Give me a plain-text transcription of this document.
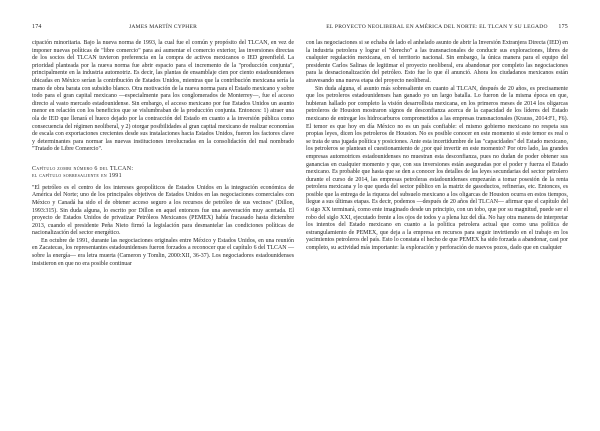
174	JAMES MARTÍN CYPHER

cipación minoritaria. Bajo la nueva norma de 1993, la cual fue el común y propósito del TLCAN, en vez de imponer nuevas políticas de "libre comercio" para así aumentar el comercio exterior, las inversiones directas de los socios del TLCAN tuvieron preferencia en la compra de activos mexicanos o IED greenfield. La prioridad planteada por la nueva norma fue abrir espacio para el incremento de la "producción conjunta", principalmente en la industria automotriz. Es decir, las plantas de ensamblaje cien por ciento estadounidenses ubicadas en México serían la contribución de Estados Unidos, mientras que la contribución mexicana sería la mano de obra barata con subsidio blanco. Otra motivación de la nueva norma para el Estado mexicano y sobre todo para el gran capital mexicano —especialmente para los conglomerados de Monterrey—, fue el acceso directo al vasto mercado estadounidense. Sin embargo, el acceso mexicano por fue Estados Unidos un asunto menor en relación con los beneficios que se vislumbraban de la producción conjunta. Entonces: 1) atraer una ola de IED que llenará el hueco dejado por la contracción del Estado en cuanto a la inversión pública como consecuencia del régimen neoliberal, y 2) otorgar posibilidades al gran capital mexicano de realizar economías de escala con exportaciones crecientes desde sus instalaciones hacia Estados Unidos, fueron los factores clave y determinantes para normar las nuevas instituciones involucradas en la consolidación del mal nombrado "Tratado de Libre Comercio".

Capítulo zombi número 6 del TLCAN:
el capítulo sobresaliente en 1991

"El petróleo es el centro de los intereses geopolíticos de Estados Unidos en la integración económica de América del Norte; uno de los principales objetivos de Estados Unidos en las negociaciones comerciales con México y Canadá ha sido el de obtener acceso seguro a los recursos de petróleo de sus vecinos" (Dillon, 1993:315). Sin duda alguna, lo escrito por Dillon en aquel entonces fue una aseveración muy acertada. El proyecto de Estados Unidos de privatizar Petróleos Mexicanos (PEMEX) había fracasado hasta diciembre 2013, cuando el presidente Peña Nieto firmó la legislación para desmantelar las condiciones políticas de nacionalización del sector energético.

En octubre de 1991, durante las negociaciones originales entre México y Estados Unidos, en una reunión en Zacatecas, los representantes estadounidenses fueron forzados a reconocer que el capítulo 6 del TLCAN —sobre la energía— era letra muerta (Cameron y Tomlin, 2000:XII, 36-37). Los negociadores estadounidenses insistieron en que no era posible continuar

EL PROYECTO NEOLIBERAL EN AMÉRICA DEL NORTE: EL TLCAN Y SU LEGADO	175

con las negociaciones si se echaba de lado el anhelado asunto de abrir la Inversión Extranjera Directa (IED) en la industria petrolera y lograr el "derecho" a las transnacionales de conducir sus exploraciones, libres de cualquier regulación mexicana, en el territorio nacional. Sin embargo, la única manera para el equipo del presidente Carlos Salinas de legitimar el proyecto neoliberal, era abandonar por completo las negociaciones para la desnacionalización del petróleo. Esto fue lo que él anunció. Ahora los ciudadanos mexicanos están atravesando una nueva etapa del proyecto neoliberal.

Sin duda alguna, el asunto más sobresaliente en cuanto al TLCAN, después de 20 años, es precisamente que los petroleros estadounidenses han ganado yo un largo batalla. Lo fueron de la misma época en que, hubieran hallado por completo la visión desarrollista mexicana, en los primeros meses de 2014 los oligarcas petroleros de Houston mostraron signos de desconfianza acerca de la capacidad de los líderes del Estado mexicano de entregar los hidrocarburos comprometidos a las empresas transnacionales (Krauss, 2014:F1, F6). El temor es que hoy en día México no es un país confiable: el mismo gobierno mexicano no respeta sus propias leyes, dicen los petroleros de Houston. No es posible conocer en este momento si este temor es real o se trata de una jugada política y posiciones. Ante esta incertidumbre de las "capacidades" del Estado mexicano, los petroleros se plantean el cuestionamiento de ¿por qué invertir en este momento? Por otro lado, las grandes empresas automotrices estadounidenses no muestran esta desconfianza, pues no dudan de poder obtener sus ganancias en cualquier momento y que, con sus inversiones están aseguradas por el poder y fuerza el Estado mexicano. Es probable que hasta que se den a conocer los detalles de las leyes secundarias del sector petrolero durante el curso de 2014, las empresas petroleras estadounidenses empezarán a tomar posesión de la renta petrolera mexicana y lo que queda del sector público en la matriz de gasoductos, refinerías, etc. Entonces, es posible que la entrega de la riqueza del subsuelo mexicano a los oligarcas de Houston ocurra en estos tiempos, llegue a sus últimas etapas. Es decir, podemos —después de 20 años del TLCAN— afirmar que el capítulo del 6 sigo XX terminará, como ente imaginado desde un principio, con un tobo, que por su magnitud, puede ser el robo del siglo XXI, ejecutado frente a los ojos de todos y a plena luz del día. No hay otra manera de interpretar los intentos del Estado mexicano en cuanto a la política petrolera actual que como una política de estrangulamiento de PEMEX, que deja a la empresa en recursos para seguir invirtiendo en el trabajo en los yacimientos petroleros del país. Esto lo constata el hecho de que PEMEX ha sido forzada a abandonar, casi por completo, su actividad más importante: la exploración y perforación de nuevos pozos, dado que en cualquier
